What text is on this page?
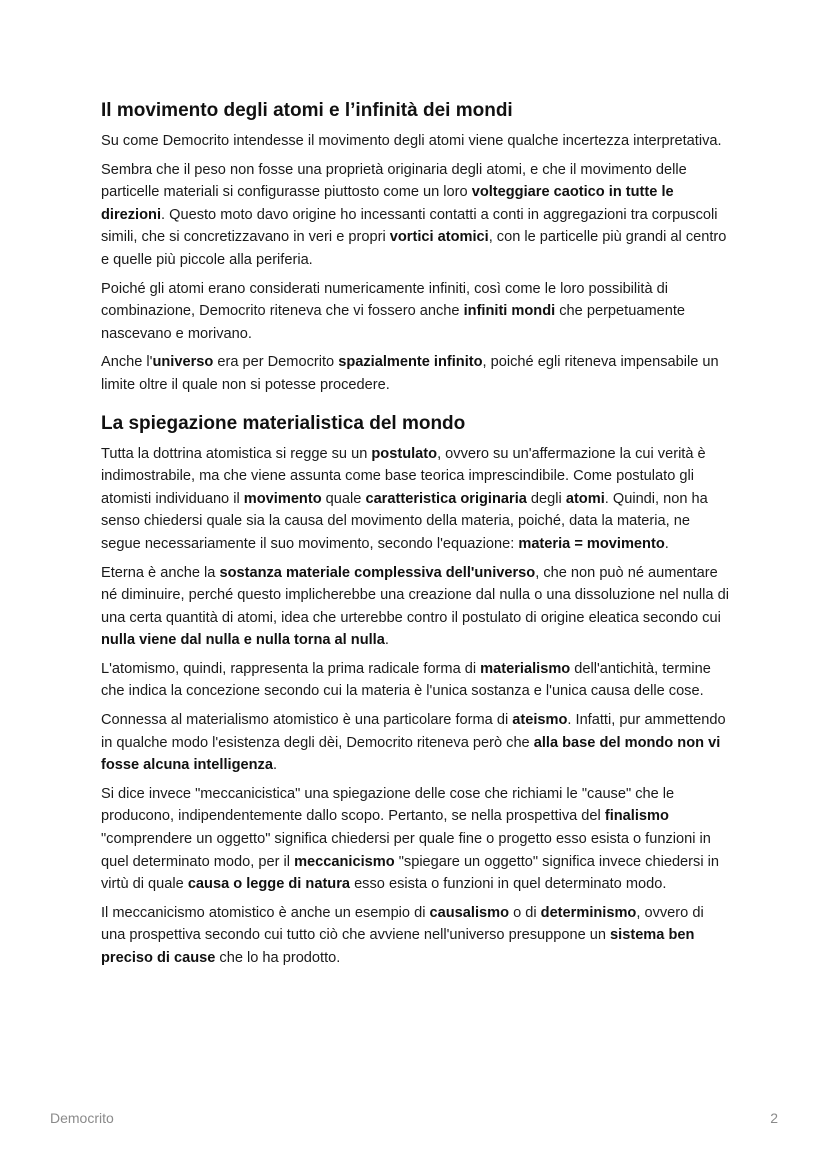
Il movimento degli atomi e l’infinità dei mondi

Su come Democrito intendesse il movimento degli atomi viene qualche incertezza interpretativa.

Sembra che il peso non fosse una proprietà originaria degli atomi, e che il movimento delle particelle materiali si configurasse piuttosto come un loro volteggiare caotico in tutte le direzioni. Questo moto davo origine ho incessanti contatti a conti in aggregazioni tra corpuscoli simili, che si concretizzavano in veri e propri vortici atomici, con le particelle più grandi al centro e quelle più piccole alla periferia.

Poiché gli atomi erano considerati numericamente infiniti, così come le loro possibilità di combinazione, Democrito riteneva che vi fossero anche infiniti mondi che perpetuamente nascevano e morivano.

Anche l'universo era per Democrito spazialmente infinito, poiché egli riteneva impensabile un limite oltre il quale non si potesse procedere.

La spiegazione materialistica del mondo

Tutta la dottrina atomistica si regge su un postulato, ovvero su un'affermazione la cui verità è indimostrabile, ma che viene assunta come base teorica imprescindibile. Come postulato gli atomisti individuano il movimento quale caratteristica originaria degli atomi. Quindi, non ha senso chiedersi quale sia la causa del movimento della materia, poiché, data la materia, ne segue necessariamente il suo movimento, secondo l'equazione: materia = movimento.

Eterna è anche la sostanza materiale complessiva dell'universo, che non può né aumentare né diminuire, perché questo implicherebbe una creazione dal nulla o una dissoluzione nel nulla di una certa quantità di atomi, idea che urterebbe contro il postulato di origine eleatica secondo cui nulla viene dal nulla e nulla torna al nulla.

L'atomismo, quindi, rappresenta la prima radicale forma di materialismo dell'antichità, termine che indica la concezione secondo cui la materia è l'unica sostanza e l'unica causa delle cose.

Connessa al materialismo atomistico è una particolare forma di ateismo. Infatti, pur ammettendo in qualche modo l'esistenza degli dèi, Democrito riteneva però che alla base del mondo non vi fosse alcuna intelligenza.

Si dice invece "meccanicistica" una spiegazione delle cose che richiami le "cause" che le producono, indipendentemente dallo scopo. Pertanto, se nella prospettiva del finalismo "comprendere un oggetto" significa chiedersi per quale fine o progetto esso esista o funzioni in quel determinato modo, per il meccanicismo "spiegare un oggetto" significa invece chiedersi in virtù di quale causa o legge di natura esso esista o funzioni in quel determinato modo.

Il meccanicismo atomistico è anche un esempio di causalismo o di determinismo, ovvero di una prospettiva secondo cui tutto ciò che avviene nell'universo presuppone un sistema ben preciso di cause che lo ha prodotto.

Democrito	2
